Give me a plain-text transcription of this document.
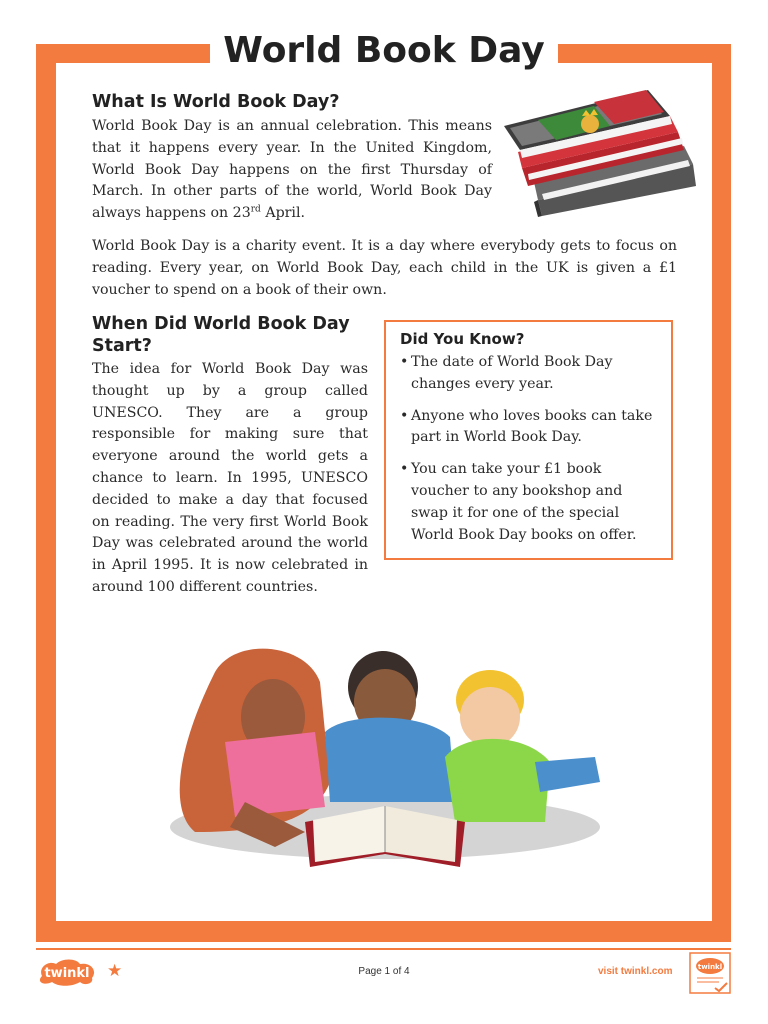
World Book Day
What Is World Book Day?

World Book Day is an annual celebration. This means that it happens every year. In the United Kingdom, World Book Day happens on the first Thursday of March. In other parts of the world, World Book Day always happens on 23rd April.

World Book Day is a charity event. It is a day where everybody gets to focus on reading. Every year, on World Book Day, each child in the UK is given a £1 voucher to spend on a book of their own.

When Did World Book Day Start?

The idea for World Book Day was thought up by a group called UNESCO. They are a group responsible for making sure that everyone around the world gets a chance to learn. In 1995, UNESCO decided to make a day that focused on reading. The very first World Book Day was celebrated around the world in April 1995. It is now celebrated in around 100 different countries.

Did You Know?
• The date of World Book Day changes every year.
• Anyone who loves books can take part in World Book Day.
• You can take your £1 book voucher to any bookshop and swap it for one of the special World Book Day books on offer.
twinkl ★	Page 1 of 4	visit twinkl.com	twinkl
